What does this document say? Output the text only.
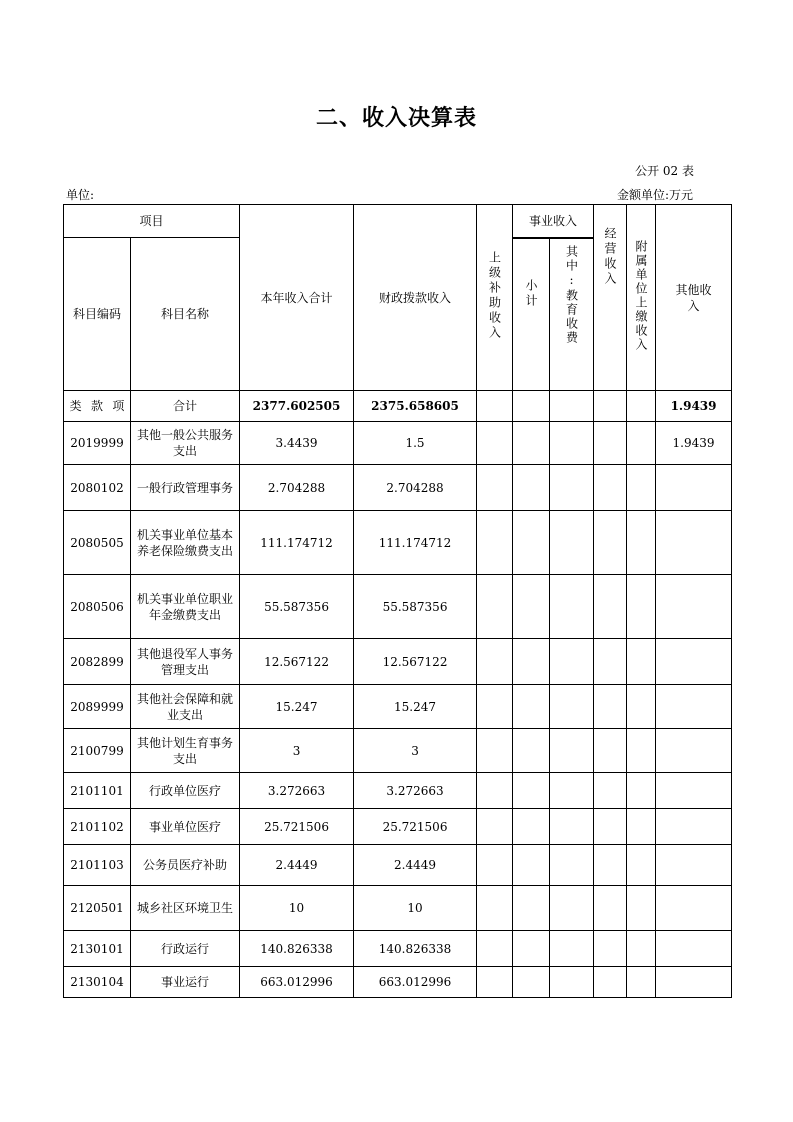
二、收入决算表
公开 02 表
单位:	金额单位:万元
项目		本年收入合计	财政拨款收入	上级补助收入	事业收入		经营收入	附属单位上缴收入	其他收入
科目编码	科目名称				小计	其中:教育收费			

类 款 项	合计	2377.602505	2375.658605						1.9439
2019999	其他一般公共服务支出	3.4439	1.5						1.9439
2080102	一般行政管理事务	2.704288	2.704288						
2080505	机关事业单位基本养老保险缴费支出	111.174712	111.174712						
2080506	机关事业单位职业年金缴费支出	55.587356	55.587356						
2082899	其他退役军人事务管理支出	12.567122	12.567122						
2089999	其他社会保障和就业支出	15.247	15.247						
2100799	其他计划生育事务支出	3	3						
2101101	行政单位医疗	3.272663	3.272663						
2101102	事业单位医疗	25.721506	25.721506						
2101103	公务员医疗补助	2.4449	2.4449						
2120501	城乡社区环境卫生	10	10						
2130101	行政运行	140.826338	140.826338						
2130104	事业运行	663.012996	663.012996						
